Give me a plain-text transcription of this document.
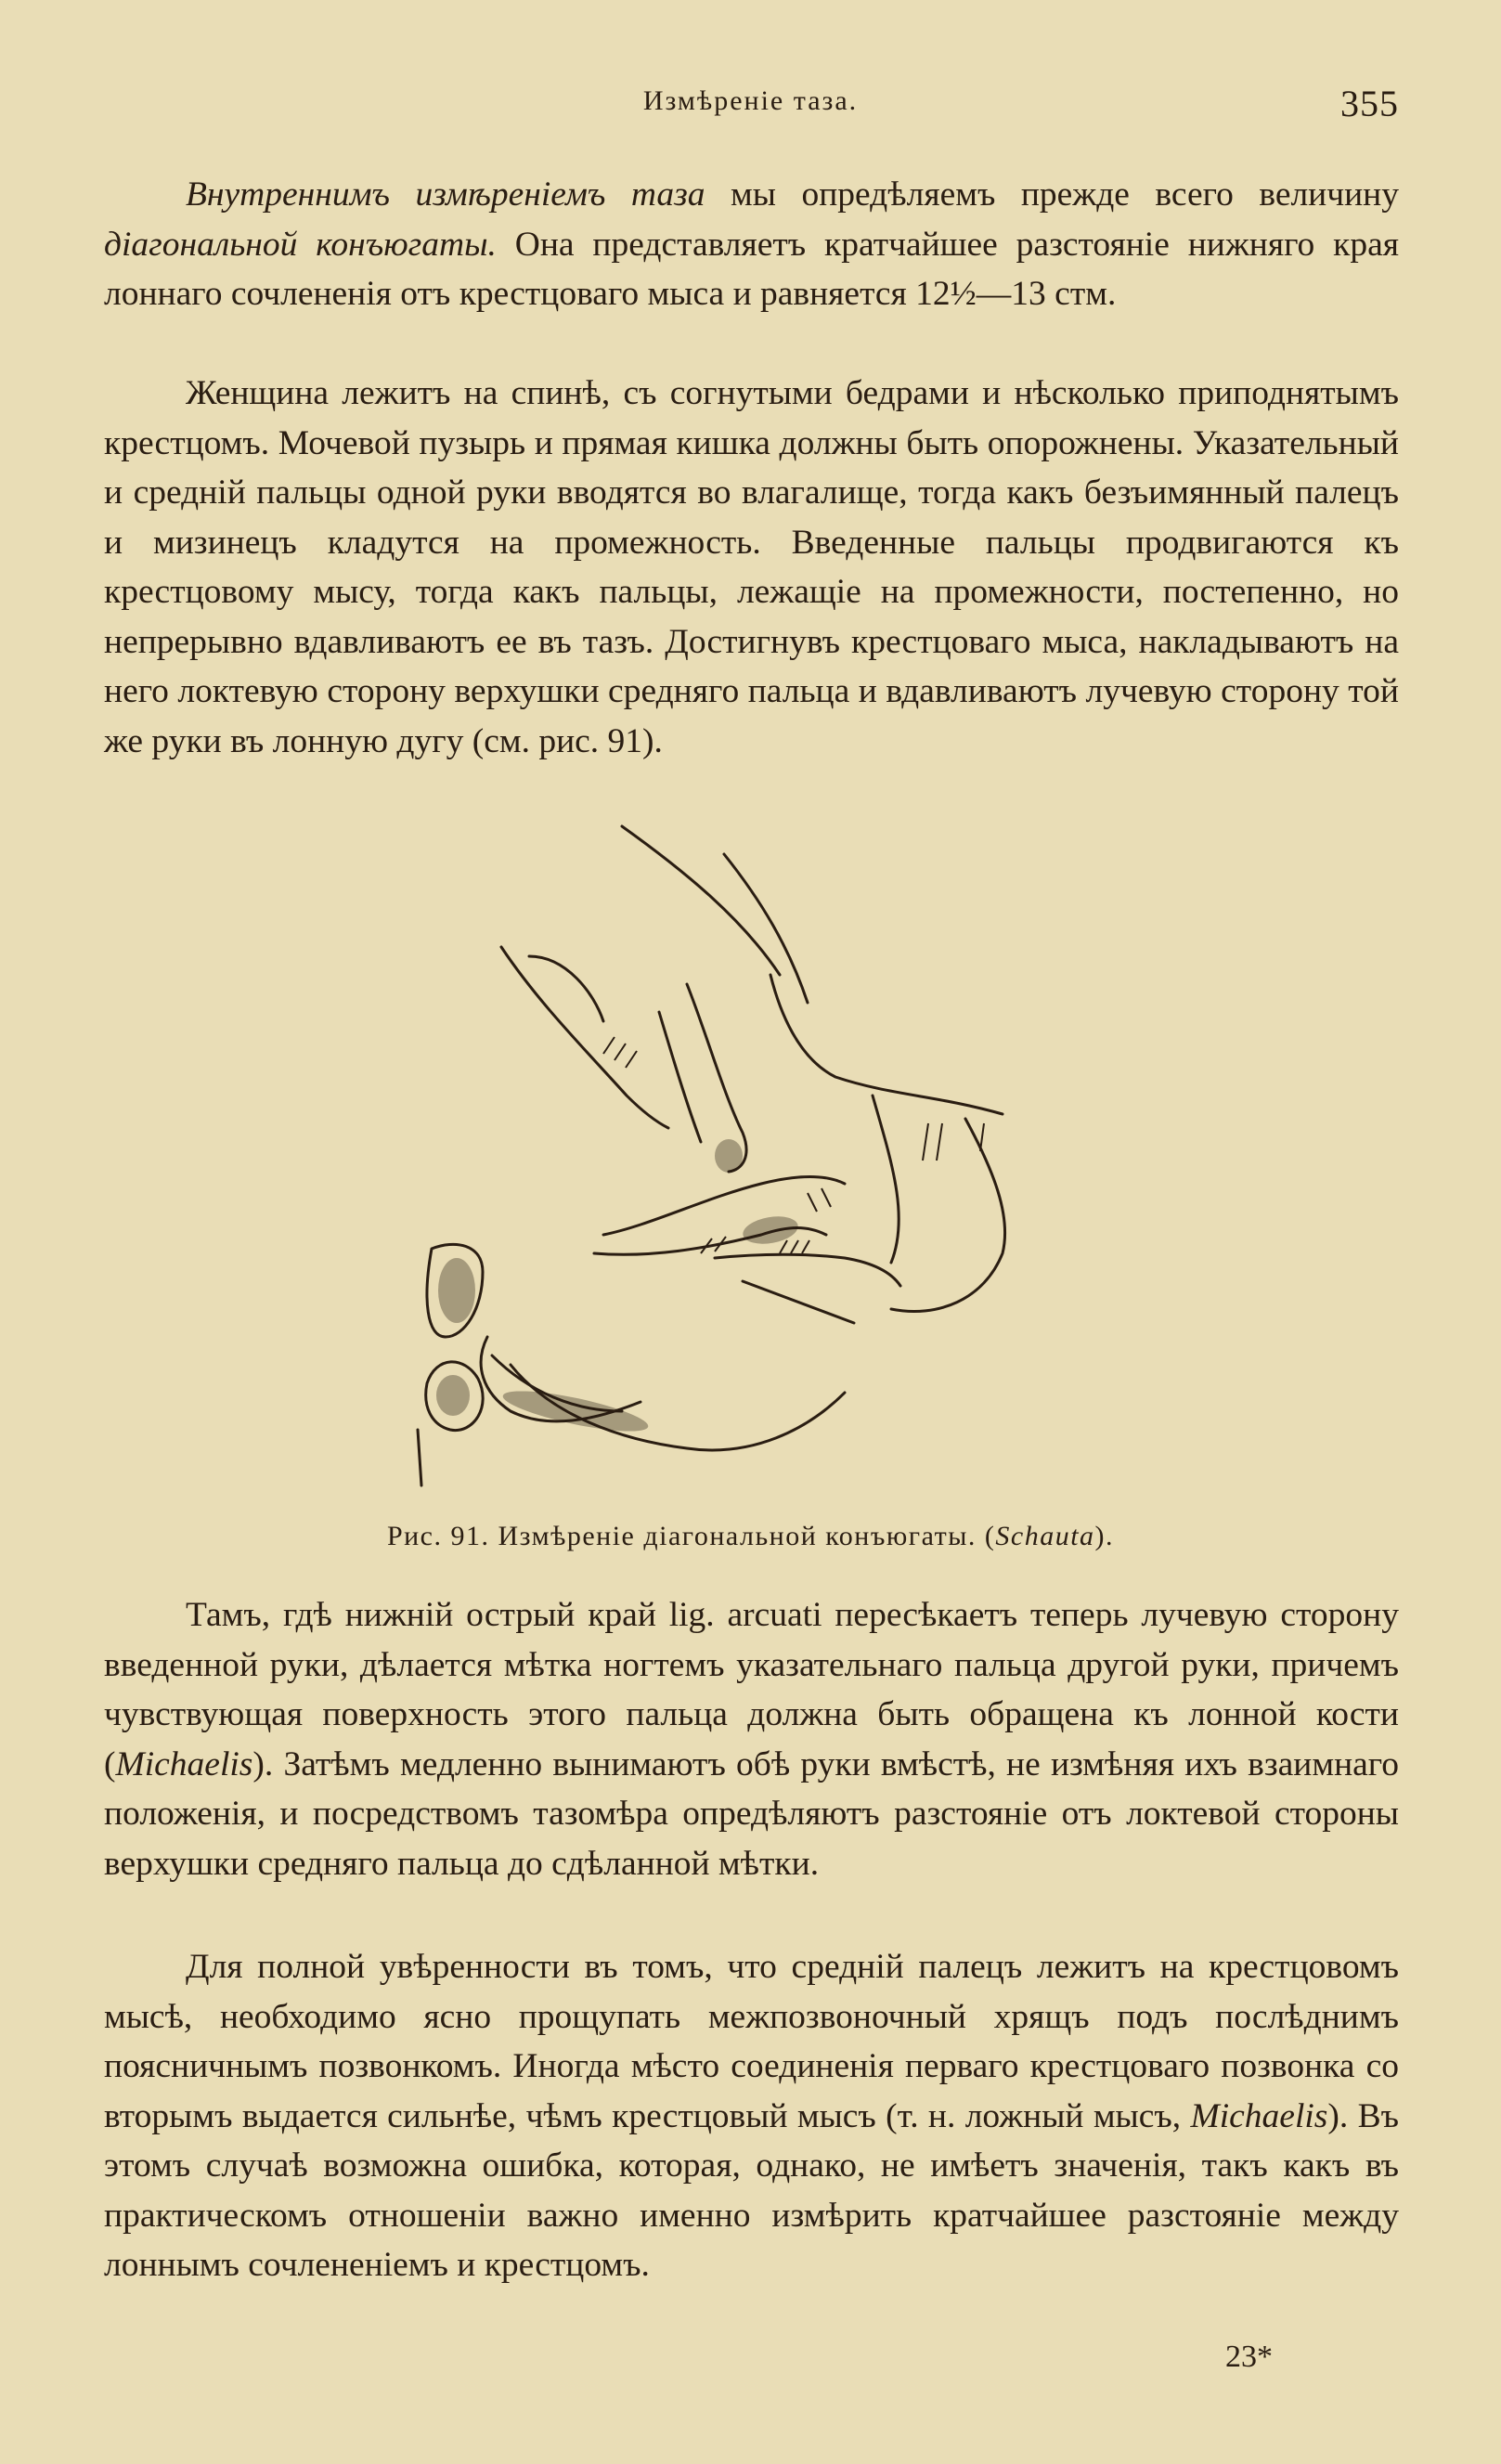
Измѣреніе таза.	355

Внутреннимъ измѣреніемъ таза мы опредѣляемъ прежде всего величину діагональной конъюгаты. Она представляетъ кратчайшее разстояніе нижняго края лоннаго сочлененія отъ крестцоваго мыса и равняется 12½—13 стм.

Женщина лежитъ на спинѣ, съ согнутыми бедрами и нѣсколько приподнятымъ крестцомъ. Мочевой пузырь и прямая кишка должны быть опорожнены. Указательный и средній пальцы одной руки вводятся во влагалище, тогда какъ безъимянный палецъ и мизинецъ кладутся на промежность. Введенные пальцы продвигаются къ крестцовому мысу, тогда какъ пальцы, лежащіе на промежности, постепенно, но непрерывно вдавливаютъ ее въ тазъ. Достигнувъ крестцоваго мыса, накладываютъ на него локтевую сторону верхушки средняго пальца и вдавливаютъ лучевую сторону той же руки въ лонную дугу (см. рис. 91).

Рис. 91. Измѣреніе діагональной конъюгаты. (Schauta).

Тамъ, гдѣ нижній острый край lig. arcuati пересѣкаетъ теперь лучевую сторону введенной руки, дѣлается мѣтка ногтемъ указательнаго пальца другой руки, причемъ чувствующая поверхность этого пальца должна быть обращена къ лонной кости (Michaelis). Затѣмъ медленно вынимаютъ обѣ руки вмѣстѣ, не измѣняя ихъ взаимнаго положенія, и посредствомъ тазомѣра опредѣляютъ разстояніе отъ локтевой стороны верхушки средняго пальца до сдѣланной мѣтки.

Для полной увѣренности въ томъ, что средній палецъ лежитъ на крестцовомъ мысѣ, необходимо ясно прощупать межпозвоночный хрящъ подъ послѣднимъ поясничнымъ позвонкомъ. Иногда мѣсто соединенія перваго крестцоваго позвонка со вторымъ выдается сильнѣе, чѣмъ крестцовый мысъ (т. н. ложный мысъ, Michaelis). Въ этомъ случаѣ возможна ошибка, которая, однако, не имѣетъ значенія, такъ какъ въ практическомъ отношеніи важно именно измѣрить кратчайшее разстояніе между лоннымъ сочлененіемъ и крестцомъ.

23*
